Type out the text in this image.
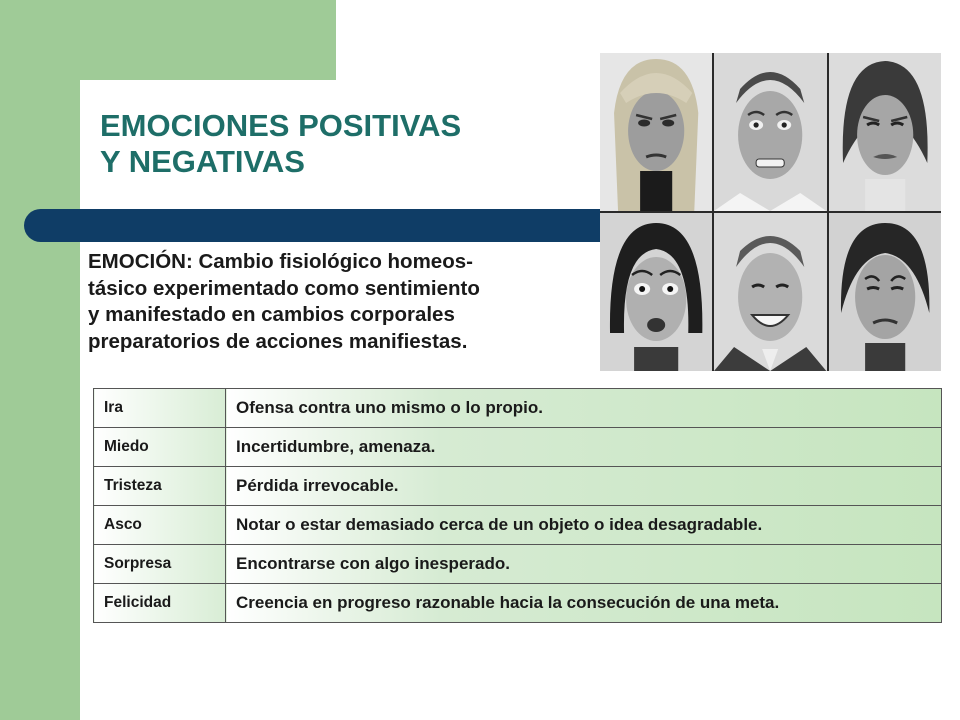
EMOCIONES POSITIVAS
Y NEGATIVAS
EMOCIÓN: Cambio fisiológico homeos-
tásico experimentado como sentimiento
y manifestado en cambios corporales
preparatorios de acciones manifiestas.
Ira	Ofensa contra uno mismo o lo propio.
Miedo	Incertidumbre, amenaza.
Tristeza	Pérdida irrevocable.
Asco	Notar o estar demasiado cerca de un objeto o idea desagradable.
Sorpresa	Encontrarse con algo inesperado.
Felicidad	Creencia en progreso razonable hacia la consecución de una meta.
